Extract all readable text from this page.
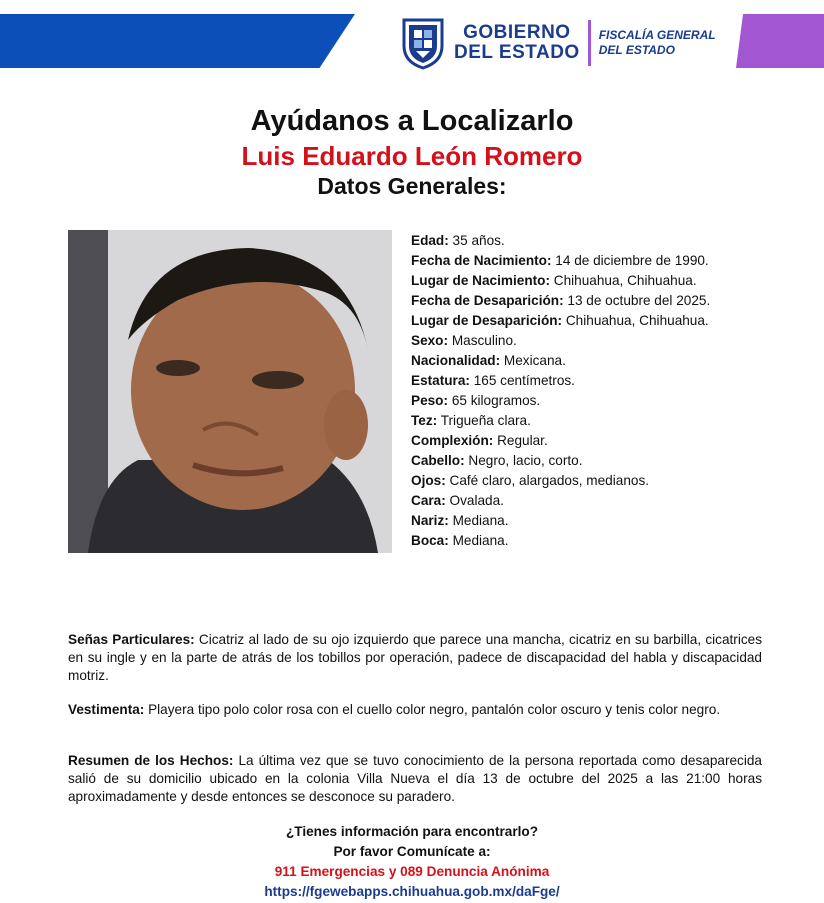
GOBIERNO
DEL ESTADO
FISCALÍA GENERAL
DEL ESTADO
Ayúdanos a Localizarlo
Luis Eduardo León Romero
Datos Generales:
Edad: 35 años.
Fecha de Nacimiento: 14 de diciembre de 1990.
Lugar de Nacimiento: Chihuahua, Chihuahua.
Fecha de Desaparición: 13 de octubre del 2025.
Lugar de Desaparición: Chihuahua, Chihuahua.
Sexo: Masculino.
Nacionalidad: Mexicana.
Estatura: 165 centímetros.
Peso: 65 kilogramos.
Tez: Trigueña clara.
Complexión: Regular.
Cabello: Negro, lacio, corto.
Ojos: Café claro, alargados, medianos.
Cara: Ovalada.
Nariz: Mediana.
Boca: Mediana.
Señas Particulares: Cicatriz al lado de su ojo izquierdo que parece una mancha, cicatriz en su barbilla, cicatrices en su ingle y en la parte de atrás de los tobillos por operación, padece de discapacidad del habla y discapacidad motriz.
Vestimenta: Playera tipo polo color rosa con el cuello color negro, pantalón color oscuro y tenis color negro.
Resumen de los Hechos: La última vez que se tuvo conocimiento de la persona reportada como desaparecida salió de su domicilio ubicado en la colonia Villa Nueva el día 13 de octubre del 2025 a las 21:00 horas aproximadamente y desde entonces se desconoce su paradero.
¿Tienes información para encontrarlo?
Por favor Comunícate a:
911 Emergencias y 089 Denuncia Anónima
https://fgewebapps.chihuahua.gob.mx/daFge/
